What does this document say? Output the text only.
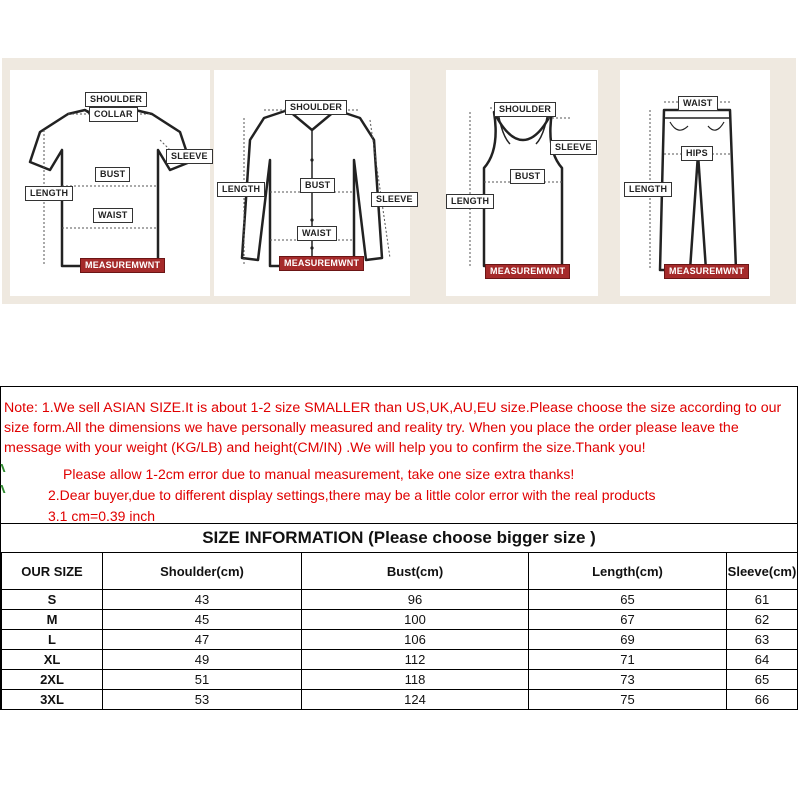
SHOULDER
COLLAR
SLEEVE
BUST
LENGTH
WAIST
MEASUREMWNT
SHOULDER
LENGTH	BUST
SLEEVE
WAIST
MEASUREMWNT
SHOULDER
SLEEVE
BUST
LENGTH
MEASUREMWNT
WAIST
HIPS
LENGTH
MEASUREMWNT
Note: 1.We sell ASIAN SIZE.It is about 1-2 size SMALLER than US,UK,AU,EU size.Please choose the size according to our size form.All the dimensions we have personally measured and reality try. When you place the order please leave the message with your weight (KG/LB) and height(CM/IN) .We will help you to confirm the size.Thank you!
Please allow 1-2cm error due to manual measurement, take one size extra thanks!
2.Dear buyer,due to different display settings,there may be a little color error with the real products
3.1 cm=0.39 inch
SIZE INFORMATION (Please choose bigger size )
OUR SIZE	Shoulder(cm)	Bust(cm)	Length(cm)	Sleeve(cm)
S	43	96	65	61
M	45	100	67	62
L	47	106	69	63
XL	49	112	71	64
2XL	51	118	73	65
3XL	53	124	75	66
